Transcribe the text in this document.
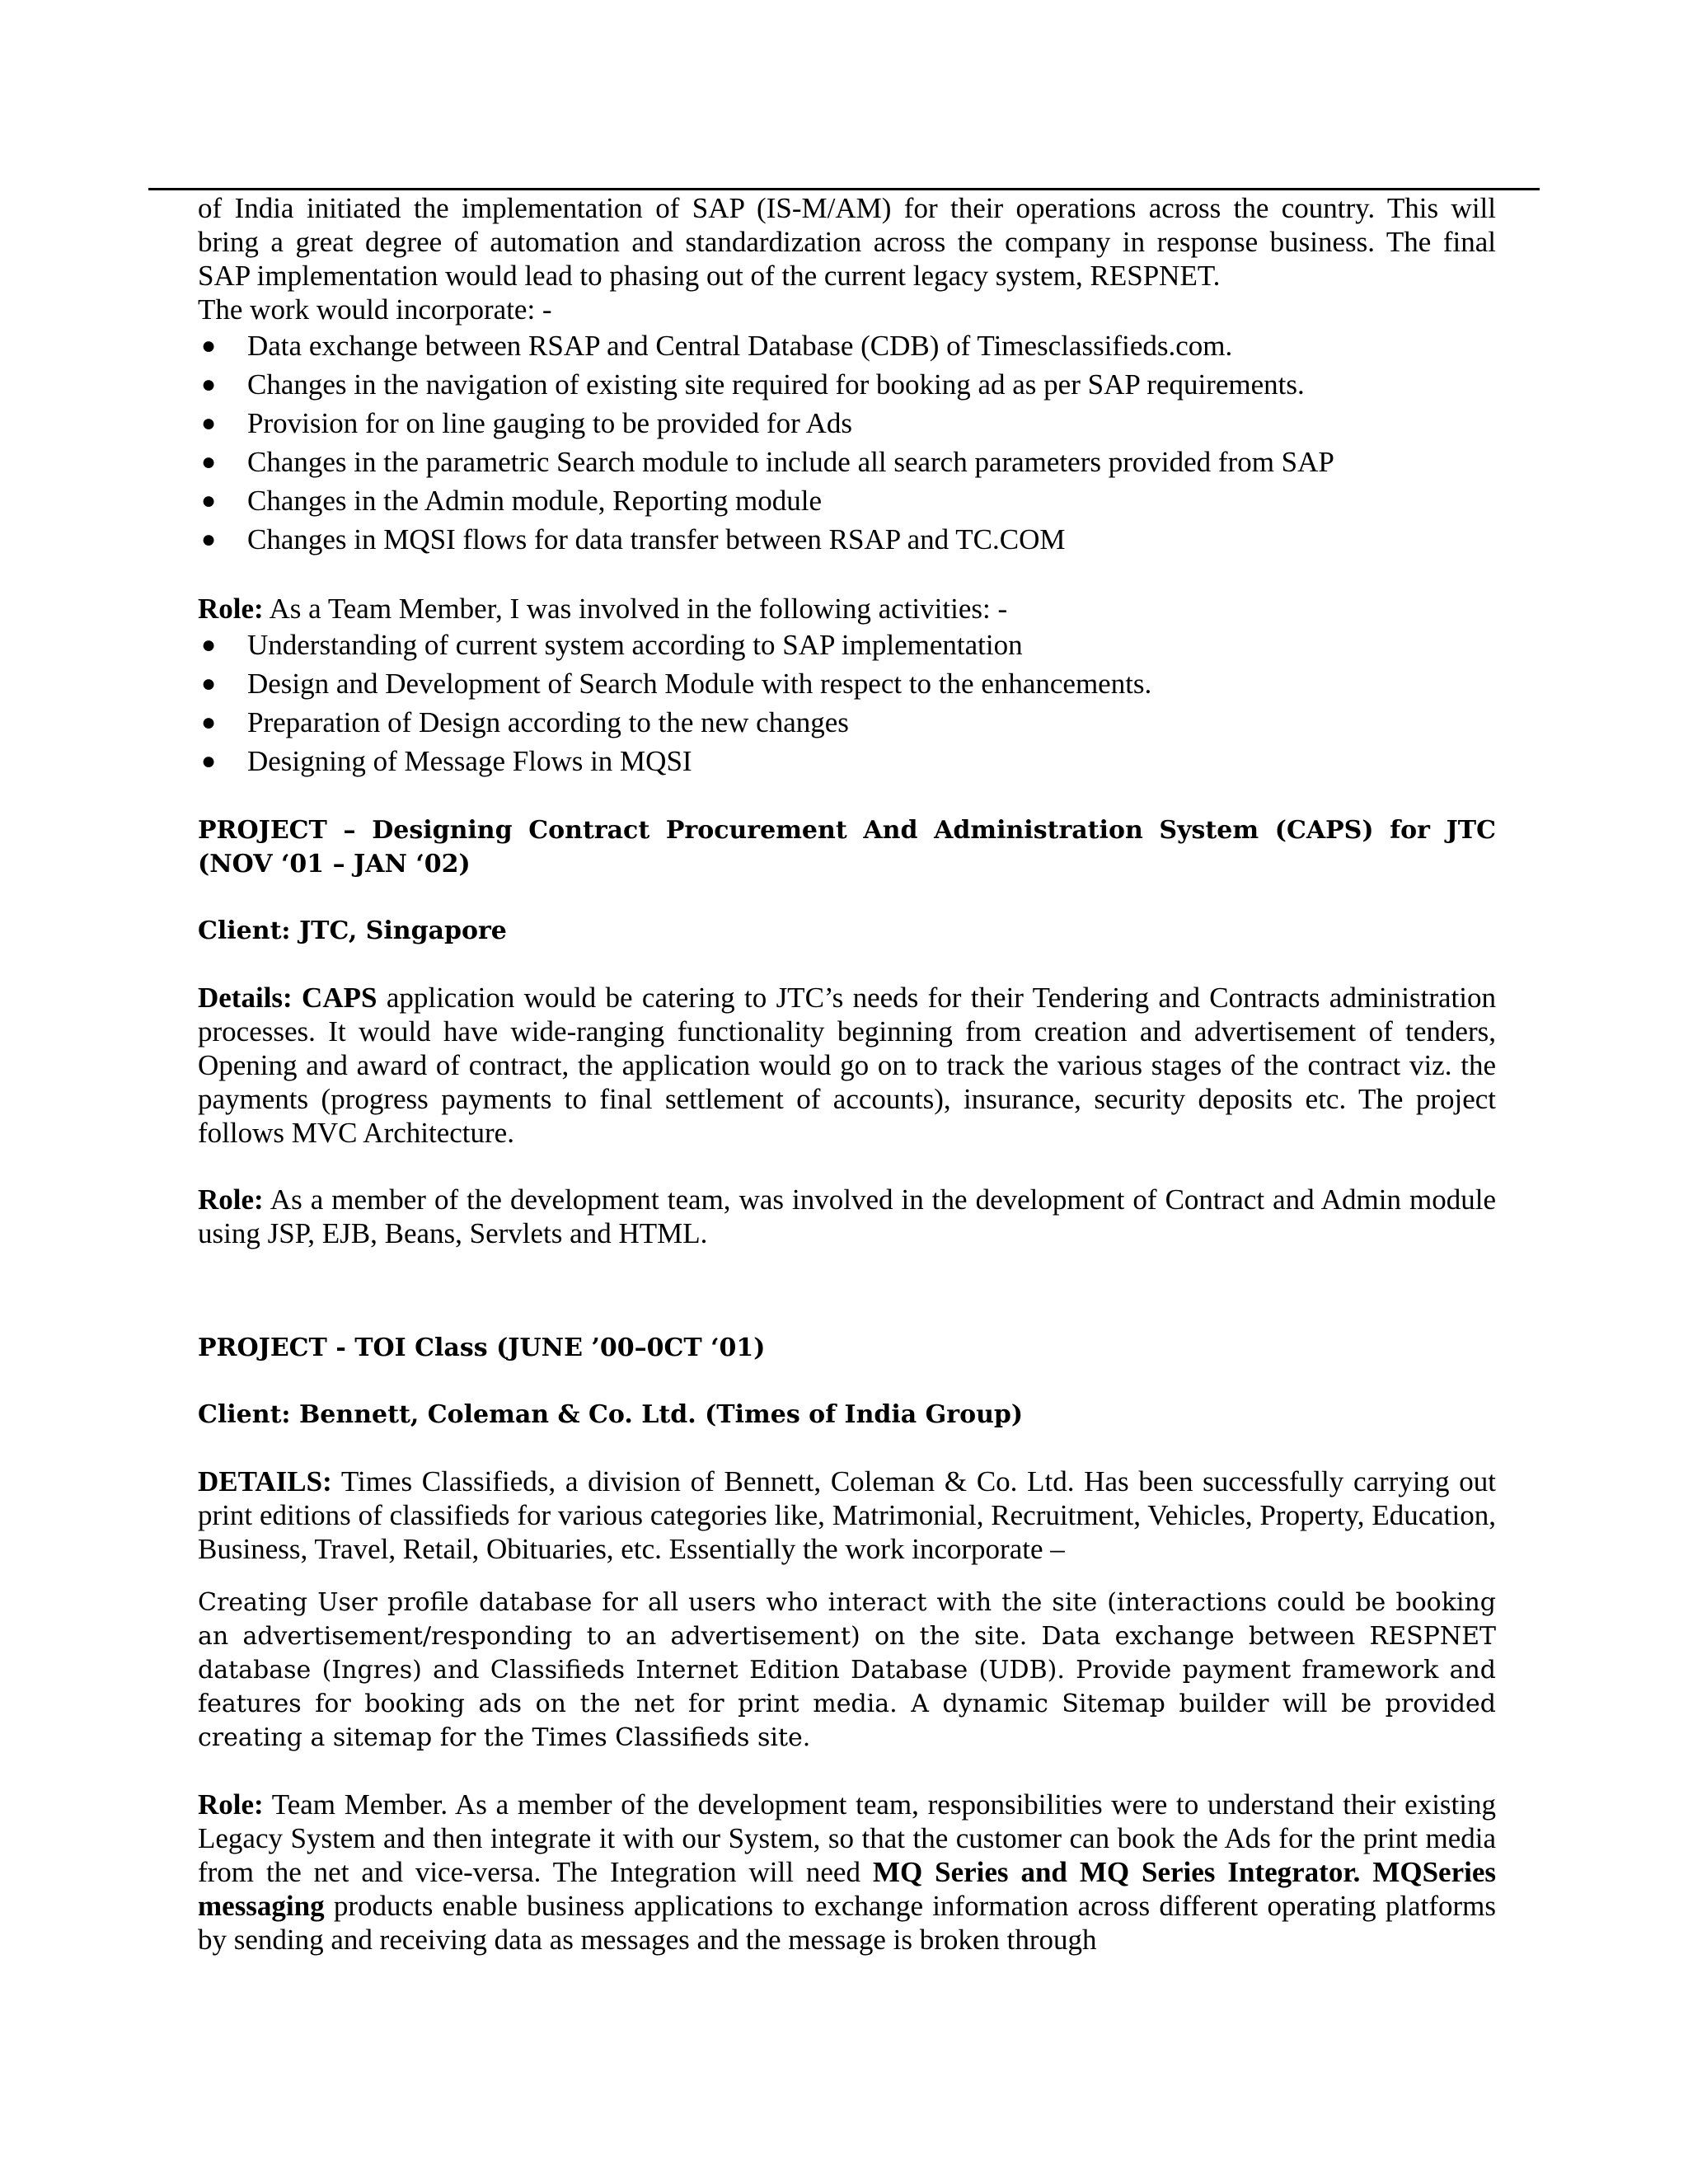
of India initiated the implementation of SAP (IS-M/AM) for their operations across the country. This will

bring a great degree of automation and standardization across the company in response business. The final

SAP implementation would lead to phasing out of the current legacy system, RESPNET.

The work would incorporate: -

● Data exchange between RSAP and Central Database (CDB) of Timesclassifieds.com.
● Changes in the navigation of existing site required for booking ad as per SAP requirements.
● Provision for on line gauging to be provided for Ads
● Changes in the parametric Search module to include all search parameters provided from SAP
● Changes in the Admin module, Reporting module
● Changes in MQSI flows for data transfer between RSAP and TC.COM

Role: As a Team Member, I was involved in the following activities: -

● Understanding of current system according to SAP implementation
● Design and Development of Search Module with respect to the enhancements.
● Preparation of Design according to the new changes
● Designing of Message Flows in MQSI

PROJECT – Designing Contract Procurement And Administration System (CAPS) for JTC (NOV ‘01 – JAN ‘02)

Client: JTC, Singapore

Details: CAPS application would be catering to JTC’s needs for their Tendering and Contracts administration processes. It would have wide-ranging functionality beginning from creation and advertisement of tenders, Opening and award of contract, the application would go on to track the various stages of the contract viz. the payments (progress payments to final settlement of accounts), insurance, security deposits etc. The project follows MVC Architecture.

Role: As a member of the development team, was involved in the development of Contract and Admin module using JSP, EJB, Beans, Servlets and HTML.

PROJECT - TOI Class (JUNE ’00–0CT ‘01)

Client: Bennett, Coleman & Co. Ltd. (Times of India Group)

DETAILS: Times Classifieds, a division of Bennett, Coleman & Co. Ltd. Has been successfully carrying out print editions of classifieds for various categories like, Matrimonial, Recruitment, Vehicles, Property, Education, Business, Travel, Retail, Obituaries, etc. Essentially the work incorporate –

Creating User profile database for all users who interact with the site (interactions could be booking an advertisement/responding to an advertisement) on the site. Data exchange between RESPNET database (Ingres) and Classifieds Internet Edition Database (UDB). Provide payment framework and features for booking ads on the net for print media. A dynamic Sitemap builder will be provided creating a sitemap for the Times Classifieds site.

Role: Team Member. As a member of the development team, responsibilities were to understand their existing Legacy System and then integrate it with our System, so that the customer can book the Ads for the print media from the net and vice-versa. The Integration will need MQ Series and MQ Series Integrator. MQSeries messaging products enable business applications to exchange information across different operating platforms by sending and receiving data as messages and the message is broken through
